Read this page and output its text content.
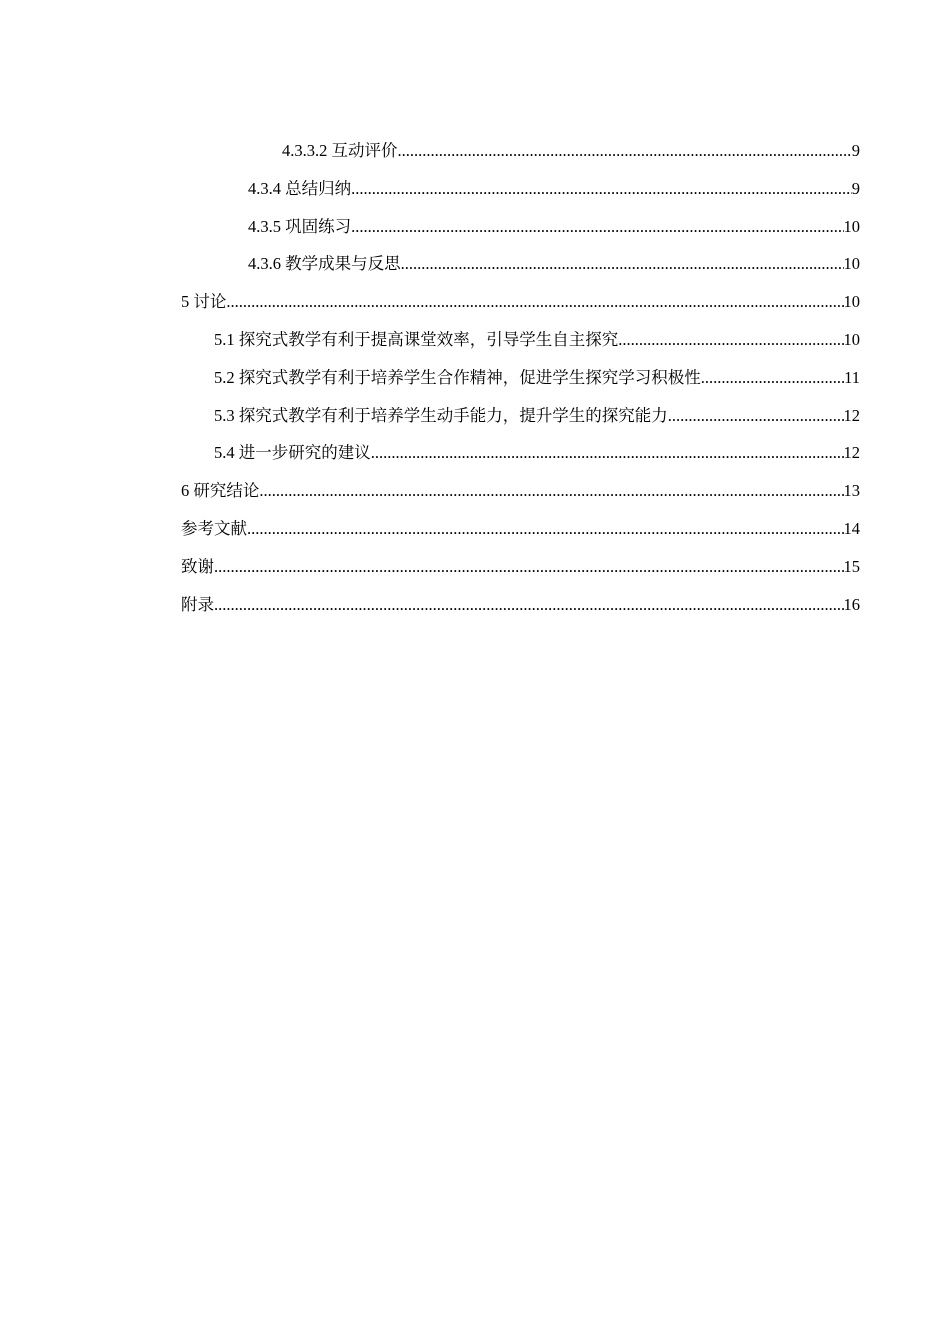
4.3.3.2 互动评价 .....	9
4.3.4 总结归纳 .....	9
4.3.5 巩固练习 .....	10
4.3.6 教学成果与反思 .....	10
5 讨论 .....	10
5.1 探究式教学有利于提高课堂效率，引导学生自主探究 .....	10
5.2 探究式教学有利于培养学生合作精神，促进学生探究学习积极性 .....	11
5.3 探究式教学有利于培养学生动手能力，提升学生的探究能力 .....	12
5.4 进一步研究的建议 .....	12
6 研究结论 .....	13
参考文献 .....	14
致谢 .....	15
附录 .....	16
